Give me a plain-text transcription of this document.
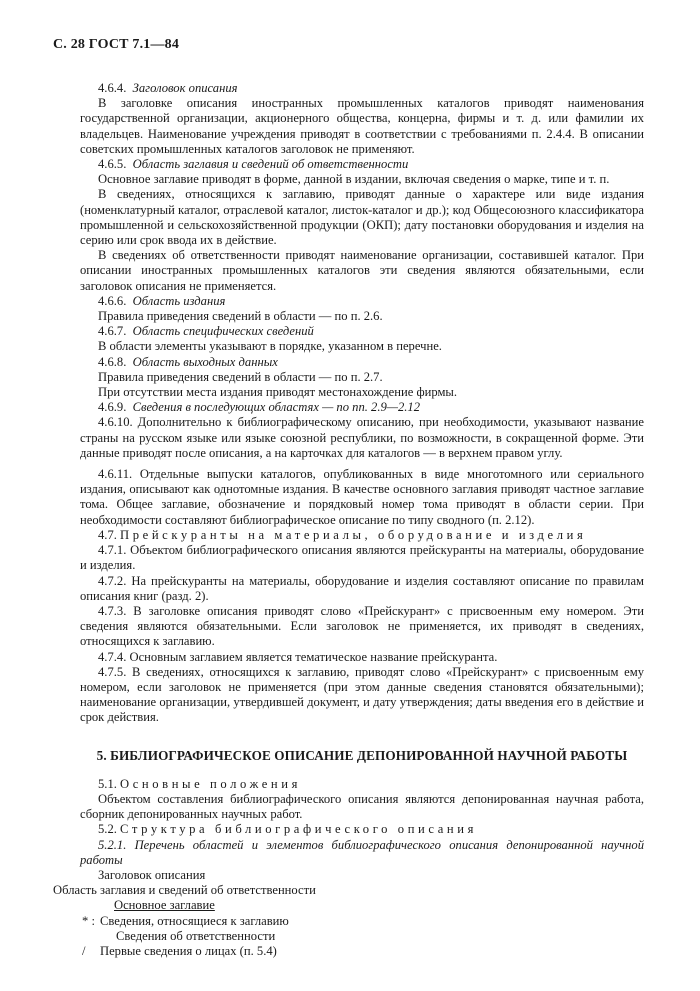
С. 28 ГОСТ 7.1—84

4.6.4. Заголовок описания

В заголовке описания иностранных промышленных каталогов приводят наименования государственной организации, акционерного общества, концерна, фирмы и т. д. или фамилии их владельцев. Наименование учреждения приводят в соответствии с требованиями п. 2.4.4. В описании советских промышленных каталогов заголовок не применяют.

4.6.5. Область заглавия и сведений об ответственности

Основное заглавие приводят в форме, данной в издании, включая сведения о марке, типе и т. п.

В сведениях, относящихся к заглавию, приводят данные о характере или виде издания (номенклатурный каталог, отраслевой каталог, листок-каталог и др.); код Общесоюзного классификатора промышленной и сельскохозяйственной продукции (ОКП); дату постановки оборудования и изделия на серию или срок ввода их в действие.

В сведениях об ответственности приводят наименование организации, составившей каталог. При описании иностранных промышленных каталогов эти сведения являются обязательными, если заголовок описания не применяется.

4.6.6. Область издания

Правила приведения сведений в области — по п. 2.6.

4.6.7. Область специфических сведений

В области элементы указывают в порядке, указанном в перечне.

4.6.8. Область выходных данных

Правила приведения сведений в области — по п. 2.7.

При отсутствии места издания приводят местонахождение фирмы.

4.6.9. Сведения в последующих областях — по пп. 2.9—2.12

4.6.10. Дополнительно к библиографическому описанию, при необходимости, указывают название страны на русском языке или языке союзной республики, по возможности, в сокращенной форме. Эти данные приводят после описания, а на карточках для каталогов — в верхнем правом углу.

4.6.11. Отдельные выпуски каталогов, опубликованных в виде многотомного или сериального издания, описывают как однотомные издания. В качестве основного заглавия приводят частное заглавие тома. Общее заглавие, обозначение и порядковый номер тома приводят в области серии. При необходимости составляют библиографическое описание по типу сводного (п. 2.12).

4.7. Прейскуранты на материалы, оборудование и изделия

4.7.1. Объектом библиографического описания являются прейскуранты на материалы, оборудование и изделия.

4.7.2. На прейскуранты на материалы, оборудование и изделия составляют описание по правилам описания книг (разд. 2).

4.7.3. В заголовке описания приводят слово «Прейскурант» с присвоенным ему номером. Эти сведения являются обязательными. Если заголовок не применяется, их приводят в сведениях, относящихся к заглавию.

4.7.4. Основным заглавием является тематическое название прейскуранта.

4.7.5. В сведениях, относящихся к заглавию, приводят слово «Прейскурант» с присвоенным ему номером, если заголовок не применяется (при этом данные сведения становятся обязательными); наименование организации, утвердившей документ, и дату утверждения; даты введения его в действие и срок действия.

5. БИБЛИОГРАФИЧЕСКОЕ ОПИСАНИЕ ДЕПОНИРОВАННОЙ НАУЧНОЙ РАБОТЫ

5.1. Основные положения

Объектом составления библиографического описания являются депонированная научная работа, сборник депонированных научных работ.

5.2. Структура библиографического описания

5.2.1. Перечень областей и элементов библиографического описания депонированной научной работы

Заголовок описания

Область заглавия и сведений об ответственности

Основное заглавие

* : Сведения, относящиеся к заглавию

Сведения об ответственности

/ Первые сведения о лицах (п. 5.4)
